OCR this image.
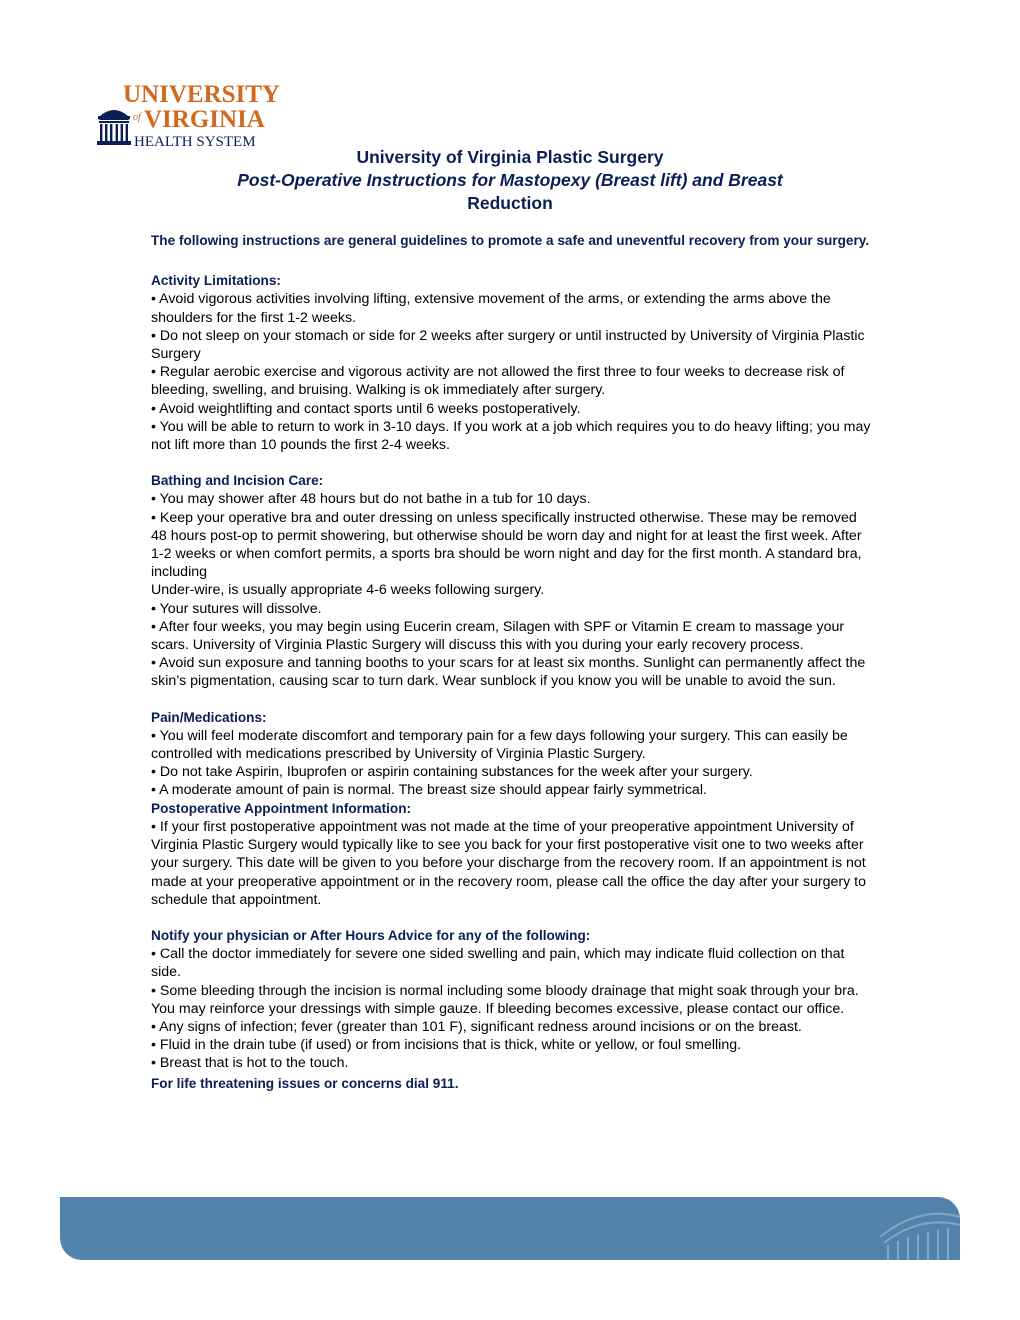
UNIVERSITY
of VIRGINIA
HEALTH SYSTEM
University of Virginia Plastic Surgery
Post-Operative Instructions for Mastopexy (Breast lift) and Breast
Reduction
The following instructions are general guidelines to promote a safe and uneventful recovery from your surgery.
Activity Limitations:
• Avoid vigorous activities involving lifting, extensive movement of the arms, or extending the arms above the shoulders for the first 1-2 weeks.
• Do not sleep on your stomach or side for 2 weeks after surgery or until instructed by University of Virginia Plastic Surgery
• Regular aerobic exercise and vigorous activity are not allowed the first three to four weeks to decrease risk of bleeding, swelling, and bruising. Walking is ok immediately after surgery.
• Avoid weightlifting and contact sports until 6 weeks postoperatively.
• You will be able to return to work in 3-10 days. If you work at a job which requires you to do heavy lifting; you may not lift more than 10 pounds the first 2-4 weeks.
Bathing and Incision Care:
• You may shower after 48 hours but do not bathe in a tub for 10 days.
• Keep your operative bra and outer dressing on unless specifically instructed otherwise. These may be removed 48 hours post-op to permit showering, but otherwise should be worn day and night for at least the first week. After 1-2 weeks or when comfort permits, a sports bra should be worn night and day for the first month. A standard bra, including
Under-wire, is usually appropriate 4-6 weeks following surgery.
• Your sutures will dissolve.
• After four weeks, you may begin using Eucerin cream, Silagen with SPF or Vitamin E cream to massage your scars. University of Virginia Plastic Surgery will discuss this with you during your early recovery process.
• Avoid sun exposure and tanning booths to your scars for at least six months. Sunlight can permanently affect the skin’s pigmentation, causing scar to turn dark. Wear sunblock if you know you will be unable to avoid the sun.
Pain/Medications:
• You will feel moderate discomfort and temporary pain for a few days following your surgery. This can easily be controlled with medications prescribed by University of Virginia Plastic Surgery.
• Do not take Aspirin, Ibuprofen or aspirin containing substances for the week after your surgery.
• A moderate amount of pain is normal. The breast size should appear fairly symmetrical.
Postoperative Appointment Information:
• If your first postoperative appointment was not made at the time of your preoperative appointment University of Virginia Plastic Surgery would typically like to see you back for your first postoperative visit one to two weeks after your surgery. This date will be given to you before your discharge from the recovery room. If an appointment is not made at your preoperative appointment or in the recovery room, please call the office the day after your surgery to schedule that appointment.
Notify your physician or After Hours Advice for any of the following:
• Call the doctor immediately for severe one sided swelling and pain, which may indicate fluid collection on that side.
• Some bleeding through the incision is normal including some bloody drainage that might soak through your bra. You may reinforce your dressings with simple gauze. If bleeding becomes excessive, please contact our office.
• Any signs of infection; fever (greater than 101 F), significant redness around incisions or on the breast.
• Fluid in the drain tube (if used) or from incisions that is thick, white or yellow, or foul smelling.
• Breast that is hot to the touch.
For life threatening issues or concerns dial 911.
